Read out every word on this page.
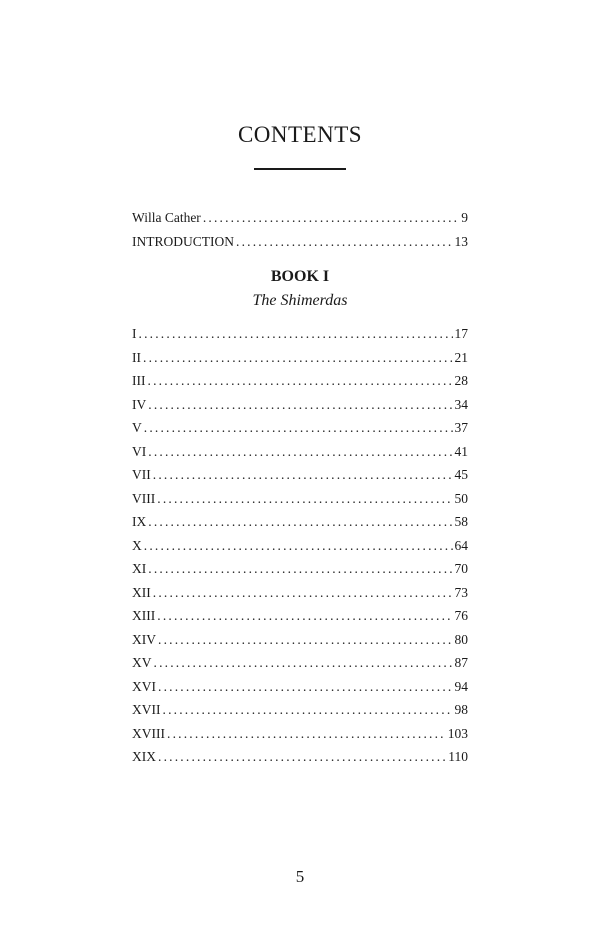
CONTENTS
Willa Cather .....	9
INTRODUCTION .....	13
BOOK I
The Shimerdas
I .....	17
II .....	21
III .....	28
IV .....	34
V .....	37
VI .....	41
VII .....	45
VIII .....	50
IX .....	58
X .....	64
XI .....	70
XII .....	73
XIII .....	76
XIV .....	80
XV .....	87
XVI .....	94
XVII .....	98
XVIII .....	103
XIX .....	110
5
